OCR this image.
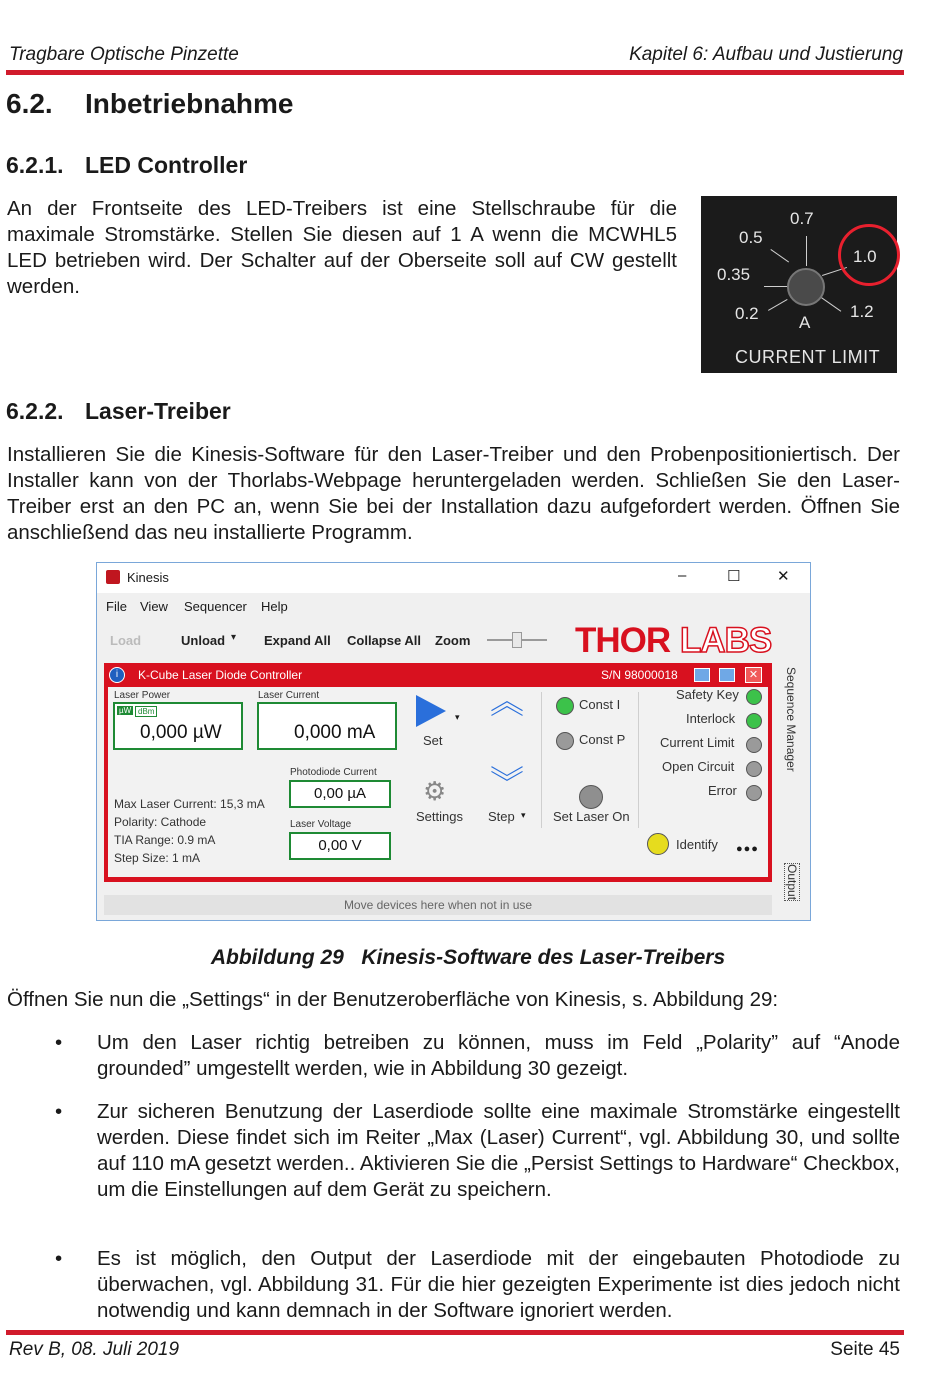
Tragbare Optische Pinzette	Kapitel 6: Aufbau und Justierung
6.2. Inbetriebnahme
6.2.1. LED Controller

An der Frontseite des LED-Treibers ist eine Stellschraube für die maximale Stromstärke. Stellen Sie diesen auf 1 A wenn die MCWHL5 LED betrieben wird. Der Schalter auf der Oberseite soll auf CW gestellt werden.

0.5
0.7
1.0
0.35
0.2 A
1.2
CURRENT LIMIT
6.2.2. Laser-Treiber

Installieren Sie die Kinesis-Software für den Laser-Treiber und den Probenpositioniertisch. Der Installer kann von der Thorlabs-Webpage heruntergeladen werden. Schließen Sie den Laser-Treiber erst an den PC an, wenn Sie bei der Installation dazu aufgefordert werden. Öffnen Sie anschließend das neu installierte Programm.

Kinesis	–	☐ ✕
File View Sequencer Help
Load	Unload ▾ Expand All Collapse All Zoom	THOR LABS
i	K-Cube Laser Diode Controller	S/N 98000018	✕
Laser Power	Laser Current
µW dBm
0,000 µW	0,000 mA
Photodiode Current
0,00 µA
Laser Voltage
0,00 V
Max Laser Current: 15,3 mA
Polarity: Cathode
TIA Range: 0.9 mA
Step Size: 1 mA
▾
Set
⚙
Settings
︽
︾
Step ▾
Const I
Const P
Set Laser On
Safety Key
Interlock
Current Limit
Open Circuit
Error
Identify ●●●
Sequence Manager
Output
Move devices here when not in use
Abbildung 29 Kinesis-Software des Laser-Treibers

Öffnen Sie nun die „Settings“ in der Benutzeroberfläche von Kinesis, s. Abbildung 29:

• Um den Laser richtig betreiben zu können, muss im Feld „Polarity” auf “Anode grounded” umgestellt werden, wie in Abbildung 30 gezeigt.

• Zur sicheren Benutzung der Laserdiode sollte eine maximale Stromstärke eingestellt werden. Diese findet sich im Reiter „Max (Laser) Current“, vgl. Abbildung 30, und sollte auf 110 mA gesetzt werden.. Aktivieren Sie die „Persist Settings to Hardware“ Checkbox, um die Einstellungen auf dem Gerät zu speichern.

• Es ist möglich, den Output der Laserdiode mit der eingebauten Photodiode zu überwachen, vgl. Abbildung 31. Für die hier gezeigten Experimente ist dies jedoch nicht notwendig und kann demnach in der Software ignoriert werden.

Rev B, 08. Juli 2019	Seite 45
